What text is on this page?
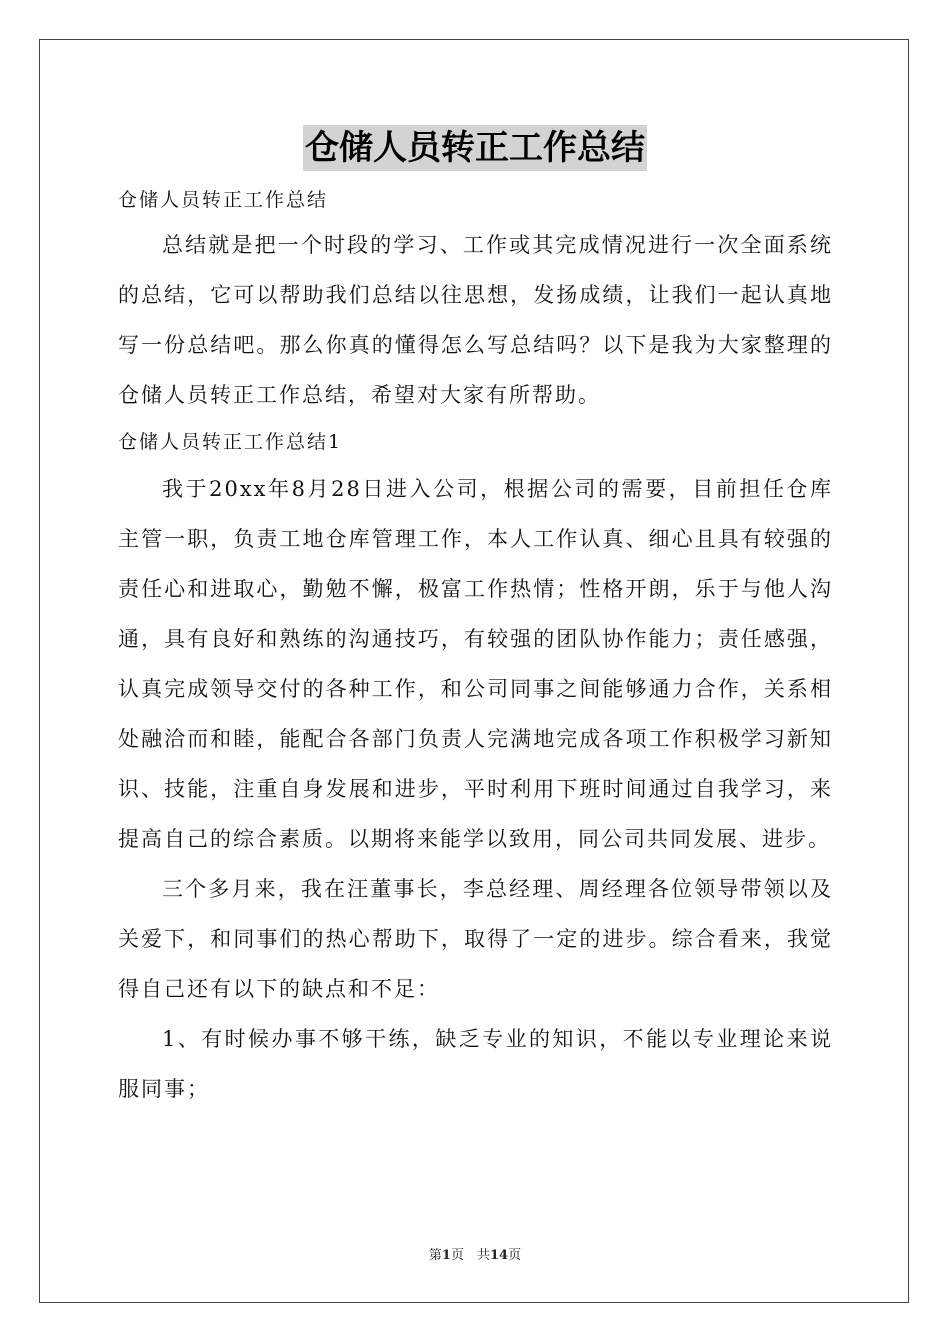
仓储人员转正工作总结

仓储人员转正工作总结

总结就是把一个时段的学习、工作或其完成情况进行一次全面系统的总结，它可以帮助我们总结以往思想，发扬成绩，让我们一起认真地写一份总结吧。那么你真的懂得怎么写总结吗？以下是我为大家整理的仓储人员转正工作总结，希望对大家有所帮助。

仓储人员转正工作总结1

我于20xx年8月28日进入公司，根据公司的需要，目前担任仓库主管一职，负责工地仓库管理工作，本人工作认真、细心且具有较强的责任心和进取心，勤勉不懈，极富工作热情；性格开朗，乐于与他人沟通，具有良好和熟练的沟通技巧，有较强的团队协作能力；责任感强，认真完成领导交付的各种工作，和公司同事之间能够通力合作，关系相处融洽而和睦，能配合各部门负责人完满地完成各项工作积极学习新知识、技能，注重自身发展和进步，平时利用下班时间通过自我学习，来提高自己的综合素质。以期将来能学以致用，同公司共同发展、进步。

三个多月来，我在汪董事长，李总经理、周经理各位领导带领以及关爱下，和同事们的热心帮助下，取得了一定的进步。综合看来，我觉得自己还有以下的缺点和不足：

1、有时候办事不够干练，缺乏专业的知识，不能以专业理论来说服同事；

第1页　共14页
